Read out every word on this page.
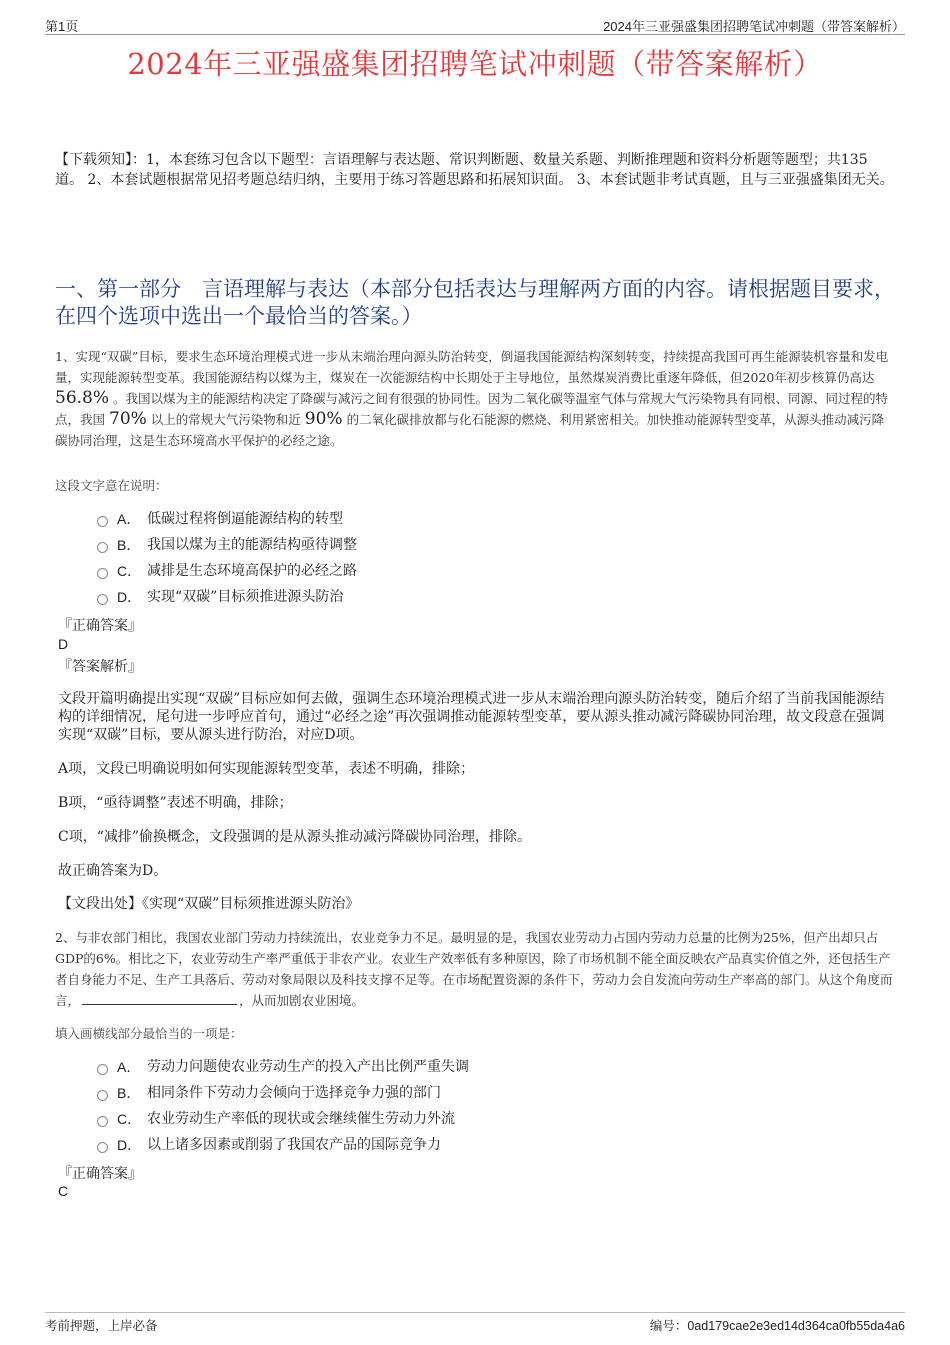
第1页	2024年三亚强盛集团招聘笔试冲刺题（带答案解析）
2024年三亚强盛集团招聘笔试冲刺题（带答案解析）
【下载须知】：1，本套练习包含以下题型：言语理解与表达题、常识判断题、数量关系题、判断推理题和资料分析题等题型；共135道。 2、本套试题根据常见招考题总结归纳，主要用于练习答题思路和拓展知识面。 3、本套试题非考试真题，且与三亚强盛集团无关。
一、第一部分　言语理解与表达（本部分包括表达与理解两方面的内容。请根据题目要求，在四个选项中选出一个最恰当的答案。）
1、实现“双碳”目标，要求生态环境治理模式进一步从末端治理向源头防治转变，倒逼我国能源结构深刻转变，持续提高我国可再生能源装机容量和发电量，实现能源转型变革。我国能源结构以煤为主，煤炭在一次能源结构中长期处于主导地位，虽然煤炭消费比重逐年降低，但2020年初步核算仍高达 56.8% 。我国以煤为主的能源结构决定了降碳与减污之间有很强的协同性。因为二氧化碳等温室气体与常规大气污染物具有同根、同源、同过程的特点，我国 70% 以上的常规大气污染物和近 90% 的二氧化碳排放都与化石能源的燃烧、利用紧密相关。加快推动能源转型变革，从源头推动减污降碳协同治理，这是生态环境高水平保护的必经之途。
这段文字意在说明：
A． 低碳过程将倒逼能源结构的转型
B． 我国以煤为主的能源结构亟待调整
C． 减排是生态环境高保护的必经之路
D． 实现“双碳”目标须推进源头防治
『正确答案』
D
『答案解析』

文段开篇明确提出实现“双碳”目标应如何去做，强调生态环境治理模式进一步从末端治理向源头防治转变，随后介绍了当前我国能源结构的详细情况，尾句进一步呼应首句，通过“必经之途”再次强调推动能源转型变革，要从源头推动减污降碳协同治理，故文段意在强调实现“双碳”目标，要从源头进行防治，对应D项。

A项，文段已明确说明如何实现能源转型变革，表述不明确，排除；

B项，“亟待调整”表述不明确，排除；

C项，“减排”偷换概念，文段强调的是从源头推动减污降碳协同治理，排除。

故正确答案为D。

【文段出处】《实现“双碳”目标须推进源头防治》
2、与非农部门相比，我国农业部门劳动力持续流出，农业竞争力不足。最明显的是，我国农业劳动力占国内劳动力总量的比例为25%，但产出却只占GDP的6%。相比之下，农业劳动生产率严重低于非农产业。农业生产效率低有多种原因，除了市场机制不能全面反映农产品真实价值之外，还包括生产者自身能力不足、生产工具落后、劳动对象局限以及科技支撑不足等。在市场配置资源的条件下，劳动力会自发流向劳动生产率高的部门。从这个角度而言，	，从而加剧农业困境。
填入画横线部分最恰当的一项是：
A． 劳动力问题使农业劳动生产的投入产出比例严重失调
B． 相同条件下劳动力会倾向于选择竞争力强的部门
C． 农业劳动生产率低的现状或会继续催生劳动力外流
D． 以上诸多因素或削弱了我国农产品的国际竞争力
『正确答案』
C
考前押题，上岸必备	编号：0ad179cae2e3ed14d364ca0fb55da4a6
